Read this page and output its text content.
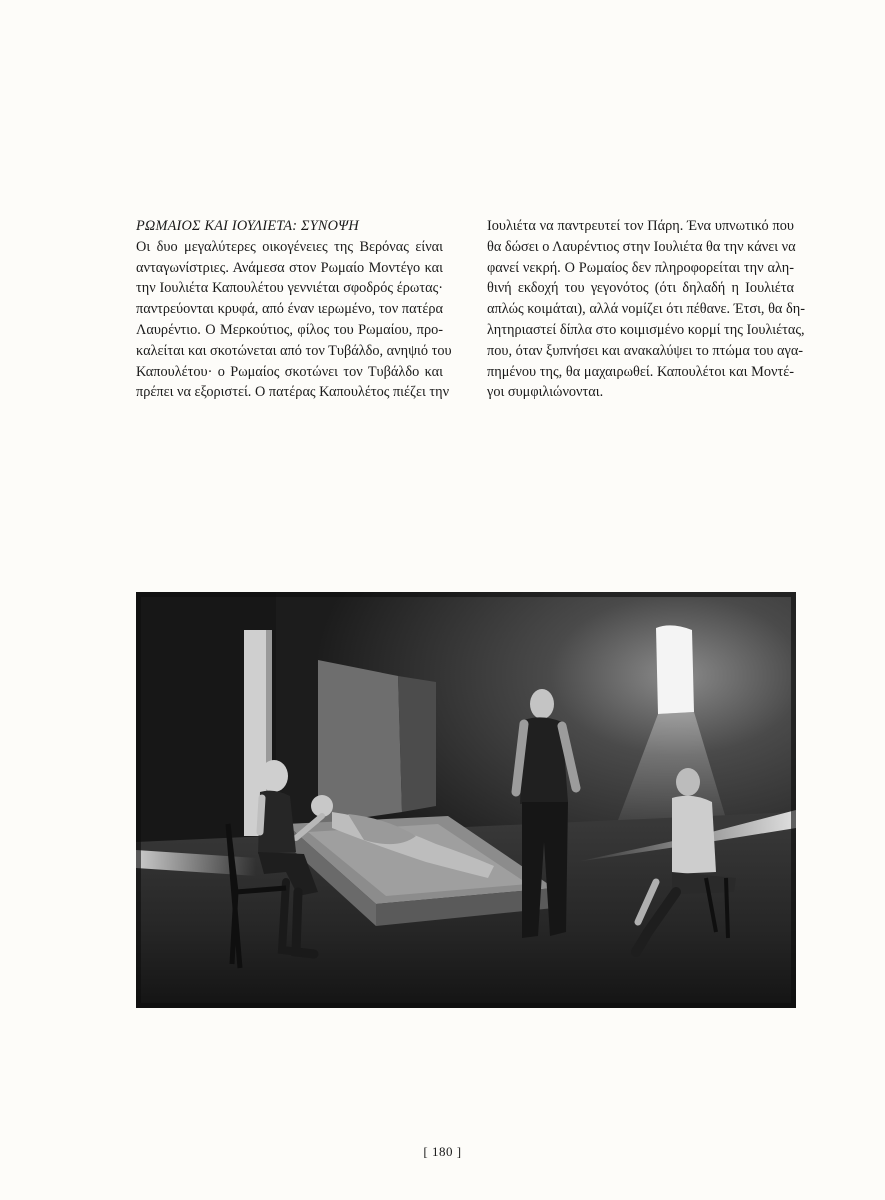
ΡΩΜΑΙΟΣ ΚΑΙ ΙΟΥΛΙΕΤΑ: ΣΥΝΟΨΗ
Οι δυο μεγαλύτερες οικογένειες της Βερόνας είναι
ανταγωνίστριες. Ανάμεσα στον Ρωμαίο Μοντέγο και
την Ιουλιέτα Καπουλέτου γεννιέται σφοδρός έρωτας·
παντρεύονται κρυφά, από έναν ιερωμένο, τον πατέρα
Λαυρέντιο. Ο Μερκούτιος, φίλος του Ρωμαίου, προ-
καλείται και σκοτώνεται από τον Τυβάλδο, ανηψιό του
Καπουλέτου· ο Ρωμαίος σκοτώνει τον Τυβάλδο και
πρέπει να εξοριστεί. Ο πατέρας Καπουλέτος πιέζει την
Ιουλιέτα να παντρευτεί τον Πάρη. Ένα υπνωτικό που
θα δώσει ο Λαυρέντιος στην Ιουλιέτα θα την κάνει να
φανεί νεκρή. Ο Ρωμαίος δεν πληροφορείται την αλη-
θινή εκδοχή του γεγονότος (ότι δηλαδή η Ιουλιέτα
απλώς κοιμάται), αλλά νομίζει ότι πέθανε. Έτσι, θα δη-
λητηριαστεί δίπλα στο κοιμισμένο κορμί της Ιουλιέτας,
που, όταν ξυπνήσει και ανακαλύψει το πτώμα του αγα-
πημένου της, θα μαχαιρωθεί. Καπουλέτοι και Μοντέ-
γοι συμφιλιώνονται.
[ 180 ]
